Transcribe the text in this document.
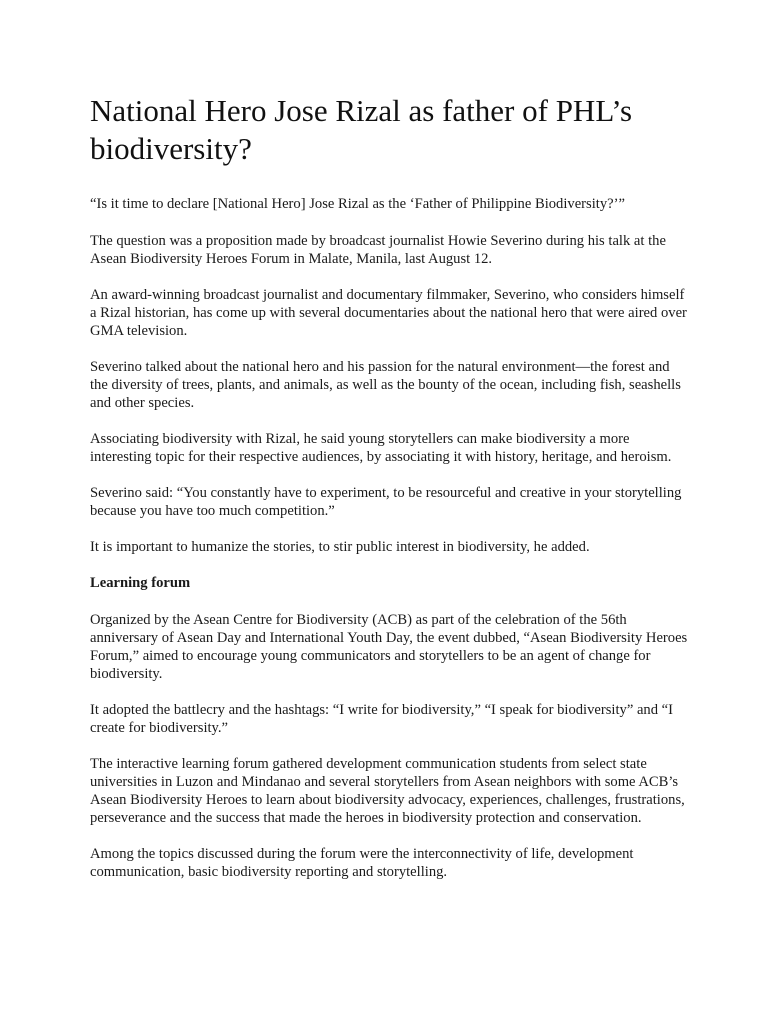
National Hero Jose Rizal as father of PHL’s biodiversity?

“Is it time to declare [National Hero] Jose Rizal as the ‘Father of Philippine Biodiversity?’”

The question was a proposition made by broadcast journalist Howie Severino during his talk at the Asean Biodiversity Heroes Forum in Malate, Manila, last August 12.

An award-winning broadcast journalist and documentary filmmaker, Severino, who considers himself a Rizal historian, has come up with several documentaries about the national hero that were aired over GMA television.

Severino talked about the national hero and his passion for the natural environment—the forest and the diversity of trees, plants, and animals, as well as the bounty of the ocean, including fish, seashells and other species.

Associating biodiversity with Rizal, he said young storytellers can make biodiversity a more interesting topic for their respective audiences, by associating it with history, heritage, and heroism.

Severino said: “You constantly have to experiment, to be resourceful and creative in your storytelling because you have too much competition.”

It is important to humanize the stories, to stir public interest in biodiversity, he added.

Learning forum

Organized by the Asean Centre for Biodiversity (ACB) as part of the celebration of the 56th anniversary of Asean Day and International Youth Day, the event dubbed, “Asean Biodiversity Heroes Forum,” aimed to encourage young communicators and storytellers to be an agent of change for biodiversity.

It adopted the battlecry and the hashtags: “I write for biodiversity,” “I speak for biodiversity” and “I create for biodiversity.”

The interactive learning forum gathered development communication students from select state universities in Luzon and Mindanao and several storytellers from Asean neighbors with some ACB’s Asean Biodiversity Heroes to learn about biodiversity advocacy, experiences, challenges, frustrations, perseverance and the success that made the heroes in biodiversity protection and conservation.

Among the topics discussed during the forum were the interconnectivity of life, development communication, basic biodiversity reporting and storytelling.
